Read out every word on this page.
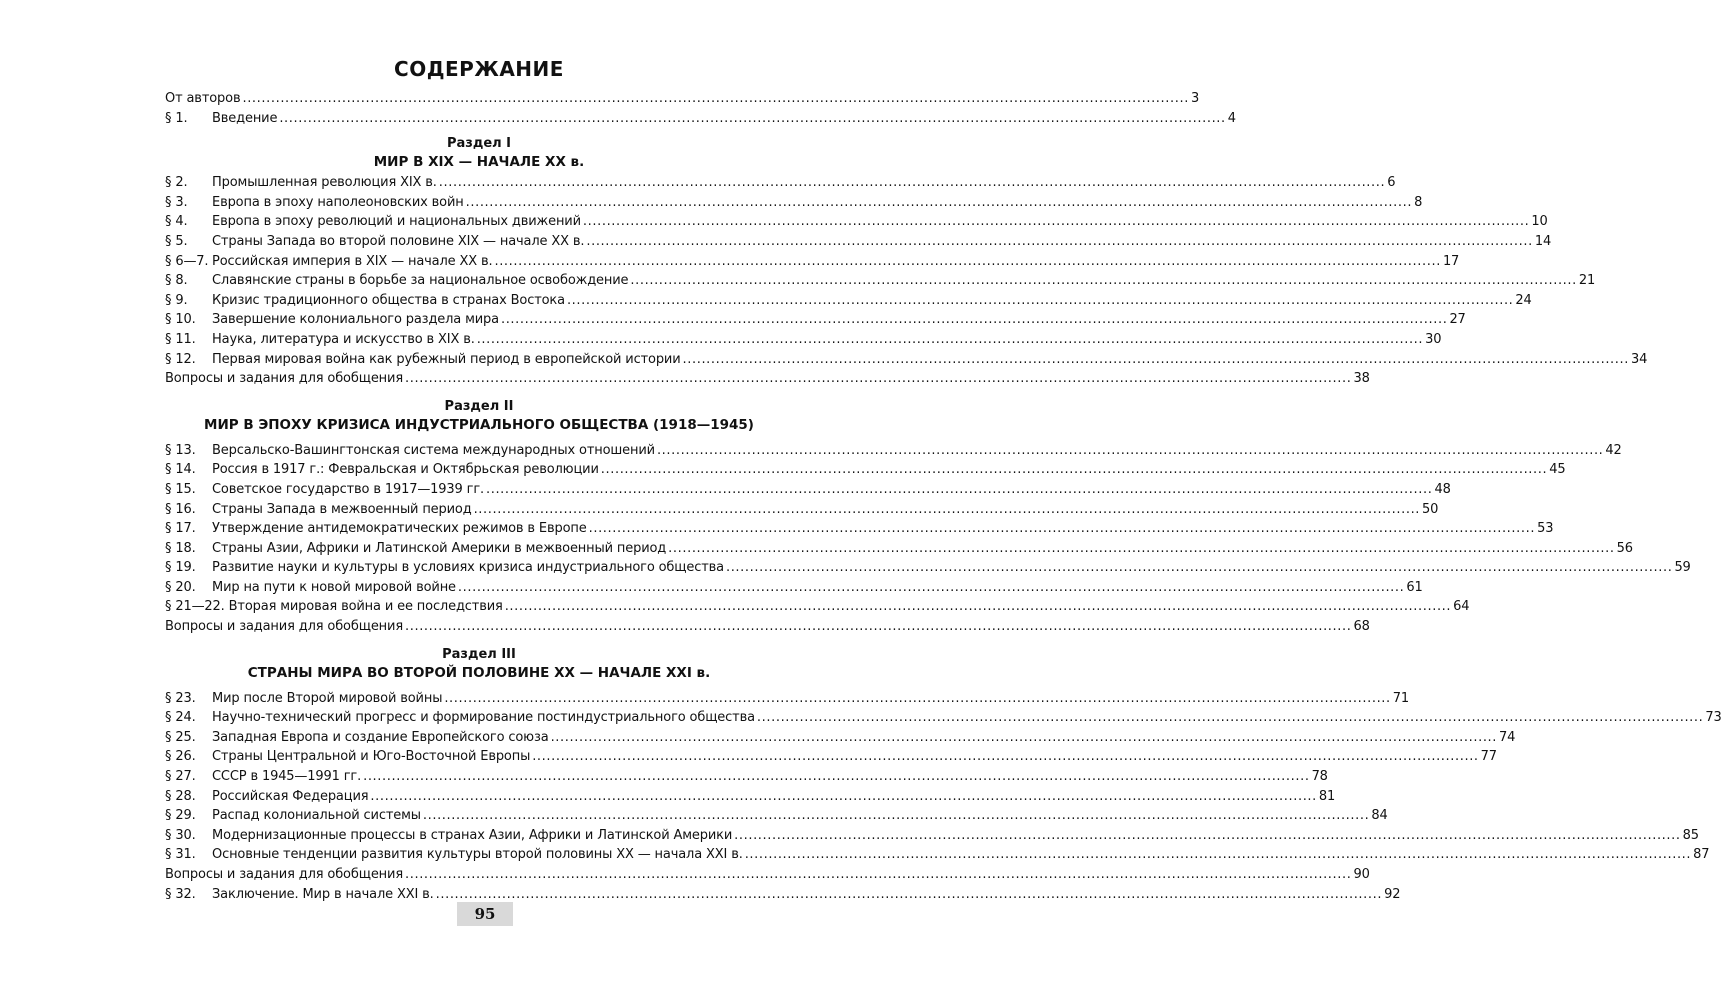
СОДЕРЖАНИЕ
От авторов .....	3
§ 1.	Введение .....	4
Раздел I
МИР В XIX — НАЧАЛЕ XX в.
§ 2.	Промышленная революция XIX в. .....	6
§ 3.	Европа в эпоху наполеоновских войн .....	8
§ 4.	Европа в эпоху революций и национальных движений .....	10
§ 5.	Страны Запада во второй половине XIX — начале XX в. .....	14
§ 6—7. Российская империя в XIX — начале XX в. .....	17
§ 8.	Славянские страны в борьбе за национальное освобождение .....	21
§ 9.	Кризис традиционного общества в странах Востока .....	24
§ 10.	Завершение колониального раздела мира .....	27
§ 11.	Наука, литература и искусство в XIX в. .....	30
§ 12.	Первая мировая война как рубежный период в европейской истории .....	34
Вопросы и задания для обобщения .....	38
Раздел II
МИР В ЭПОХУ КРИЗИСА ИНДУСТРИАЛЬНОГО ОБЩЕСТВА (1918—1945)
§ 13.	Версальско-Вашингтонская система международных отношений .....	42
§ 14.	Россия в 1917 г.: Февральская и Октябрьская революции .....	45
§ 15.	Советское государство в 1917—1939 гг. .....	48
§ 16.	Страны Запада в межвоенный период .....	50
§ 17.	Утверждение антидемократических режимов в Европе .....	53
§ 18.	Страны Азии, Африки и Латинской Америки в межвоенный период .....	56
§ 19.	Развитие науки и культуры в условиях кризиса индустриального общества .....	59
§ 20.	Мир на пути к новой мировой войне .....	61
§ 21—22. Вторая мировая война и ее последствия .....	64
Вопросы и задания для обобщения .....	68
Раздел III
СТРАНЫ МИРА ВО ВТОРОЙ ПОЛОВИНЕ XX — НАЧАЛЕ XXI в.
§ 23.	Мир после Второй мировой войны .....	71
§ 24.	Научно-технический прогресс и формирование постиндустриального общества .....	73
§ 25.	Западная Европа и создание Европейского союза .....	74
§ 26.	Страны Центральной и Юго-Восточной Европы .....	77
§ 27.	СССР в 1945—1991 гг. .....	78
§ 28.	Российская Федерация .....	81
§ 29.	Распад колониальной системы .....	84
§ 30.	Модернизационные процессы в странах Азии, Африки и Латинской Америки .....	85
§ 31.	Основные тенденции развития культуры второй половины XX — начала XXI в. .....	87
Вопросы и задания для обобщения .....	90
§ 32.	Заключение. Мир в начале XXI в. .....	92
95
